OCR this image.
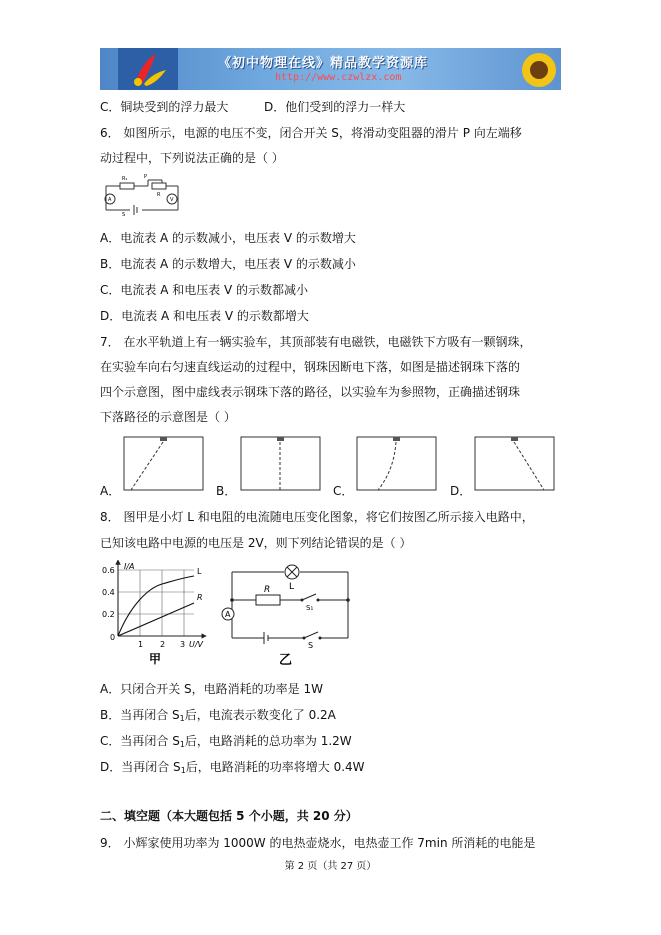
《初中物理在线》精品教学资源库
http://www.czwlzx.com
C．铜块受到的浮力最大	D．他们受到的浮力一样大
6． 如图所示，电源的电压不变，闭合开关 S，将滑动变阻器的滑片 P 向左端移
动过程中，下列说法正确的是（ ）
R₁	P
R
A	V
S
A．电流表 A 的示数减小，电压表 V 的示数增大
B．电流表 A 的示数增大，电压表 V 的示数减小
C．电流表 A 和电压表 V 的示数都减小
D．电流表 A 和电压表 V 的示数都增大
7． 在水平轨道上有一辆实验车，其顶部装有电磁铁，电磁铁下方吸有一颗钢珠，
在实验车向右匀速直线运动的过程中，钢珠因断电下落，如图是描述钢珠下落的
四个示意图，图中虚线表示钢珠下落的路径，以实验车为参照物，正确描述钢珠
下落路径的示意图是（ ）
A．	B．	C．	D．
8． 图甲是小灯 L 和电阻的电流随电压变化图象，将它们按图乙所示接入电路中，
已知该电路中电源的电压是 2V，则下列结论错误的是（ ）
I/A
0.6
0.4
0.2
0
1 2 3 U/V
L
R
甲
L
R
S₁
A
S
乙
A．只闭合开关 S，电路消耗的功率是 1W
B．当再闭合 $S_1$后，电流表示数变化了 0.2A
C．当再闭合 $S_1$后，电路消耗的总功率为 1.2W
D．当再闭合 $S_1$后，电路消耗的功率将增大 0.4W
二、填空题（本大题包括 5 个小题，共 20 分）
9． 小辉家使用功率为 1000W 的电热壶烧水，电热壶工作 7min 所消耗的电能是
第 2 页（共 27 页）
